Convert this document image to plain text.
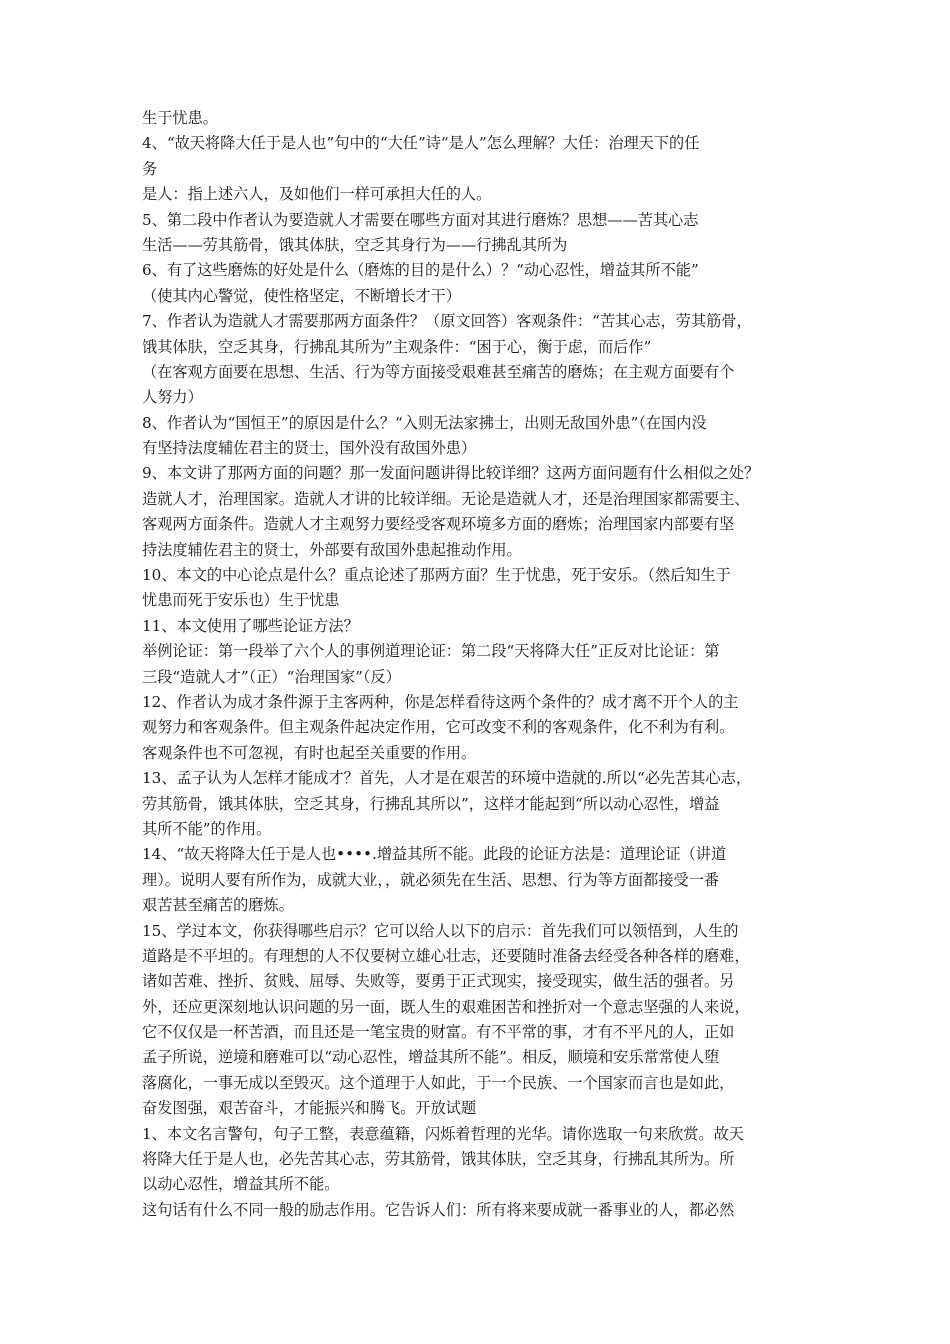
生于忧患。
4、“故天将降大任于是人也”句中的“大任”诗“是人”怎么理解？大任：治理天下的任
务
是人：指上述六人，及如他们一样可承担大任的人。
5、第二段中作者认为要造就人才需要在哪些方面对其进行磨炼？思想——苦其心志
生活——劳其筋骨，饿其体肤，空乏其身行为——行拂乱其所为
6、有了这些磨炼的好处是什么（磨炼的目的是什么）？“动心忍性，增益其所不能”
（使其内心警觉，使性格坚定，不断增长才干）
7、作者认为造就人才需要那两方面条件？（原文回答）客观条件：“苦其心志，劳其筋骨，
饿其体肤，空乏其身，行拂乱其所为”主观条件：“困于心，衡于虑，而后作”
（在客观方面要在思想、生活、行为等方面接受艰难甚至痛苦的磨炼；在主观方面要有个
人努力）
8、作者认为“国恒王”的原因是什么？“入则无法家拂士，出则无敌国外患”（在国内没
有坚持法度辅佐君主的贤士，国外没有敌国外患）
9、本文讲了那两方面的问题？那一发面问题讲得比较详细？这两方面问题有什么相似之处？
造就人才，治理国家。造就人才讲的比较详细。无论是造就人才，还是治理国家都需要主、
客观两方面条件。造就人才主观努力要经受客观环境多方面的磨炼；治理国家内部要有坚
持法度辅佐君主的贤士，外部要有敌国外患起推动作用。
10、本文的中心论点是什么？重点论述了那两方面？生于忧患，死于安乐。（然后知生于
忧患而死于安乐也）生于忧患
11、本文使用了哪些论证方法？
举例论证：第一段举了六个人的事例道理论证：第二段“天将降大任”正反对比论证：第
三段“造就人才”（正）“治理国家”（反）
12、作者认为成才条件源于主客两种，你是怎样看待这两个条件的？成才离不开个人的主
观努力和客观条件。但主观条件起决定作用，它可改变不利的客观条件，化不利为有利。
客观条件也不可忽视，有时也起至关重要的作用。
13、孟子认为人怎样才能成才？首先，人才是在艰苦的环境中造就的.所以“必先苦其心志，
劳其筋骨，饿其体肤，空乏其身，行拂乱其所以”，这样才能起到“所以动心忍性，增益
其所不能”的作用。
14、“故天将降大任于是人也••••.增益其所不能。此段的论证方法是：道理论证（讲道
理）。说明人要有所作为，成就大业，，就必须先在生活、思想、行为等方面都接受一番
艰苦甚至痛苦的磨炼。
15、学过本文，你获得哪些启示？它可以给人以下的启示：首先我们可以领悟到，人生的
道路是不平坦的。有理想的人不仅要树立雄心壮志，还要随时准备去经受各种各样的磨难，
诸如苦难、挫折、贫贱、屈辱、失败等，要勇于正式现实，接受现实，做生活的强者。另
外，还应更深刻地认识问题的另一面，既人生的艰难困苦和挫折对一个意志坚强的人来说，
它不仅仅是一杯苦酒，而且还是一笔宝贵的财富。有不平常的事，才有不平凡的人，正如
孟子所说，逆境和磨难可以“动心忍性，增益其所不能”。相反，顺境和安乐常常使人堕
落腐化，一事无成以至毁灭。这个道理于人如此，于一个民族、一个国家而言也是如此，
奋发图强，艰苦奋斗，才能振兴和腾飞。开放试题
1、本文名言警句，句子工整，表意蕴籍，闪烁着哲理的光华。请你选取一句来欣赏。故天
将降大任于是人也，必先苦其心志，劳其筋骨，饿其体肤，空乏其身，行拂乱其所为。所
以动心忍性，增益其所不能。
这句话有什么不同一般的励志作用。它告诉人们：所有将来要成就一番事业的人，都必然
